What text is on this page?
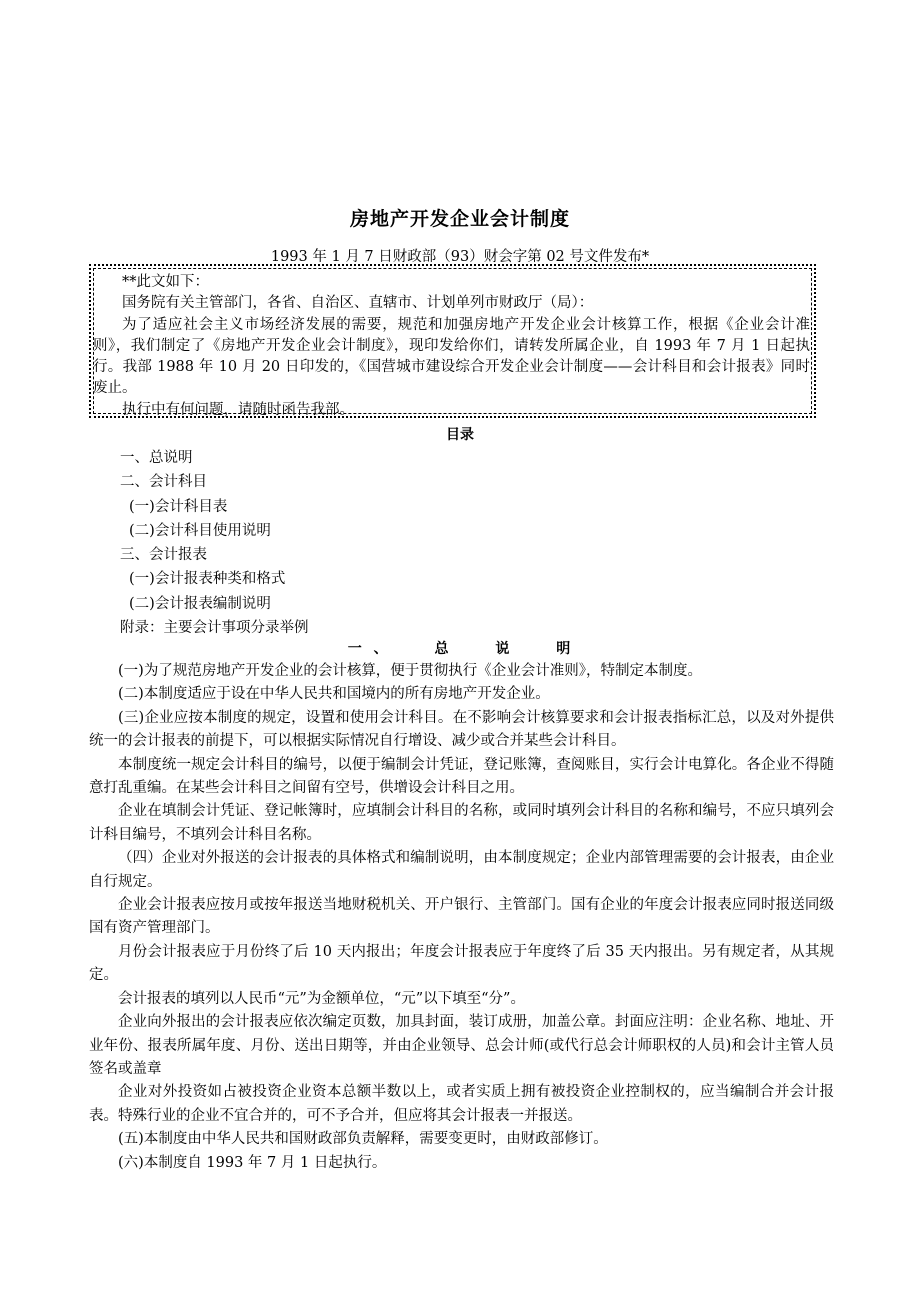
房地产开发企业会计制度
1993 年 1 月 7 日财政部（93）财会字第 02 号文件发布*

**此文如下：

国务院有关主管部门，各省、自治区、直辖市、计划单列市财政厅（局）：

为了适应社会主义市场经济发展的需要，规范和加强房地产开发企业会计核算工作，根据《企业会计准则》，我们制定了《房地产开发企业会计制度》，现印发给你们，请转发所属企业，自 1993 年 7 月 1 日起执行。我部 1988 年 10 月 20 日印发的，《国营城市建设综合开发企业会计制度——会计科目和会计报表》同时废止。

执行中有何问题，请随时函告我部。

目录
一、总说明
二、会计科目
(一)会计科目表
(二)会计科目使用说明
三、会计报表
(一)会计报表种类和格式
(二)会计报表编制说明
附录：主要会计事项分录举例
一、 总 说 明

(一)为了规范房地产开发企业的会计核算，便于贯彻执行《企业会计准则》，特制定本制度。

(二)本制度适应于设在中华人民共和国境内的所有房地产开发企业。

(三)企业应按本制度的规定，设置和使用会计科目。在不影响会计核算要求和会计报表指标汇总，以及对外提供统一的会计报表的前提下，可以根据实际情况自行增设、减少或合并某些会计科目。

本制度统一规定会计科目的编号，以便于编制会计凭证，登记账簿，查阅账目，实行会计电算化。各企业不得随意打乱重编。在某些会计科目之间留有空号，供增设会计科目之用。

企业在填制会计凭证、登记帐簿时，应填制会计科目的名称，或同时填列会计科目的名称和编号，不应只填列会计科目编号，不填列会计科目名称。

（四）企业对外报送的会计报表的具体格式和编制说明，由本制度规定；企业内部管理需要的会计报表，由企业自行规定。

企业会计报表应按月或按年报送当地财税机关、开户银行、主管部门。国有企业的年度会计报表应同时报送同级国有资产管理部门。

月份会计报表应于月份终了后 10 天内报出；年度会计报表应于年度终了后 35 天内报出。另有规定者，从其规定。

会计报表的填列以人民币“元”为金额单位，“元”以下填至“分”。

企业向外报出的会计报表应依次编定页数，加具封面，装订成册，加盖公章。封面应注明：企业名称、地址、开业年份、报表所属年度、月份、送出日期等，并由企业领导、总会计师(或代行总会计师职权的人员)和会计主管人员签名或盖章

企业对外投资如占被投资企业资本总额半数以上，或者实质上拥有被投资企业控制权的，应当编制合并会计报表。特殊行业的企业不宜合并的，可不予合并，但应将其会计报表一并报送。

(五)本制度由中华人民共和国财政部负责解释，需要变更时，由财政部修订。

(六)本制度自 1993 年 7 月 1 日起执行。
